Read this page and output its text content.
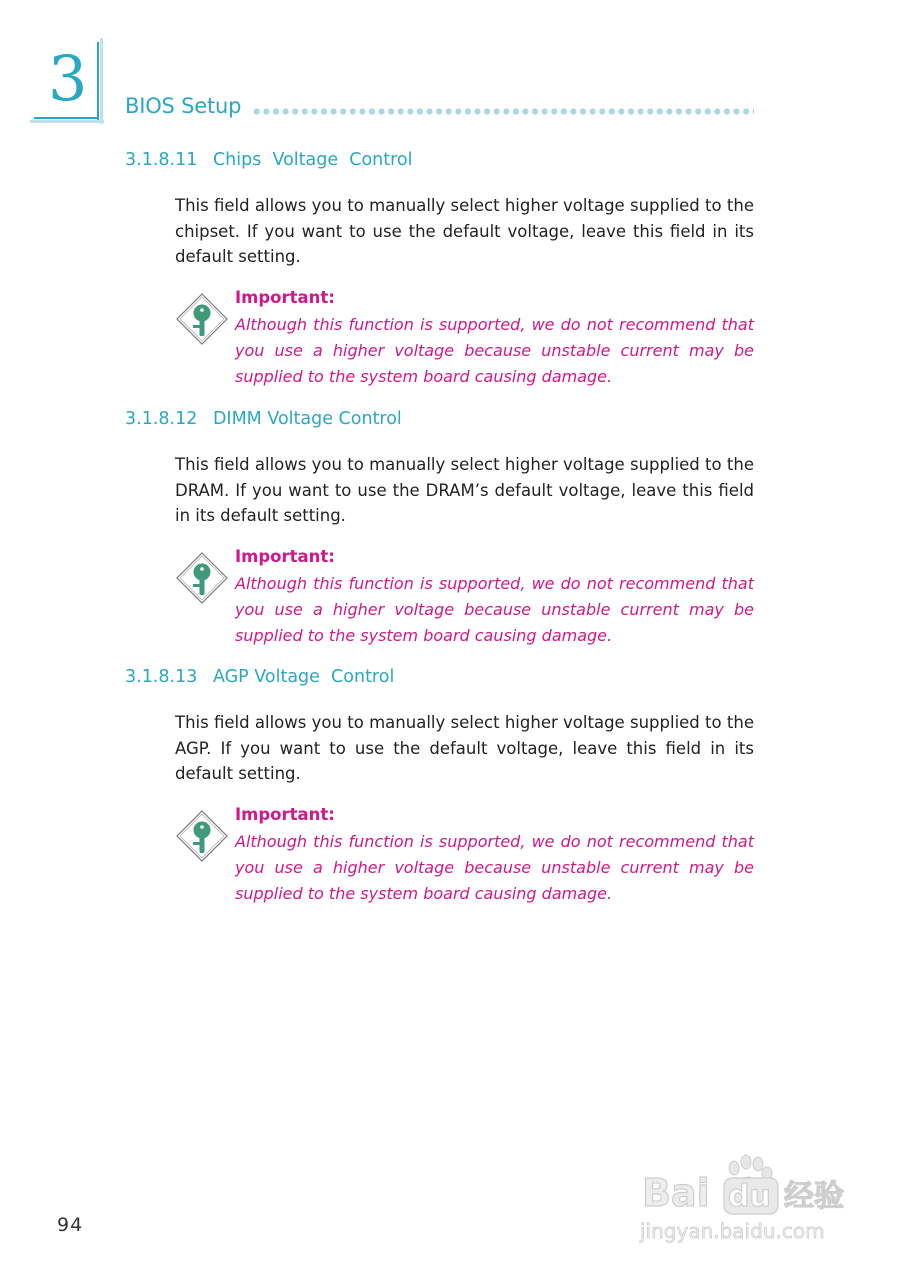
3 BIOS Setup
3.1.8.11 Chips  Voltage  Control
This field allows you to manually select higher voltage supplied to the chipset. If you want to use the default voltage, leave this field in its default setting.
Important:
Although this function is supported, we do not recommend that you use a higher voltage because unstable current may be supplied to the system board causing damage.
3.1.8.12 DIMM Voltage Control
This field allows you to manually select higher voltage supplied to the DRAM. If you want to use the DRAM’s default voltage, leave this field in its default setting.
Important:
Although this function is supported, we do not recommend that you use a higher voltage because unstable current may be supplied to the system board causing damage.
3.1.8.13 AGP Voltage  Control
This field allows you to manually select higher voltage supplied to the AGP. If you want to use the default voltage, leave this field in its default setting.
Important:
Although this function is supported, we do not recommend that you use a higher voltage because unstable current may be supplied to the system board causing damage.
94
Bai du 经验
jingyan.baidu.com
